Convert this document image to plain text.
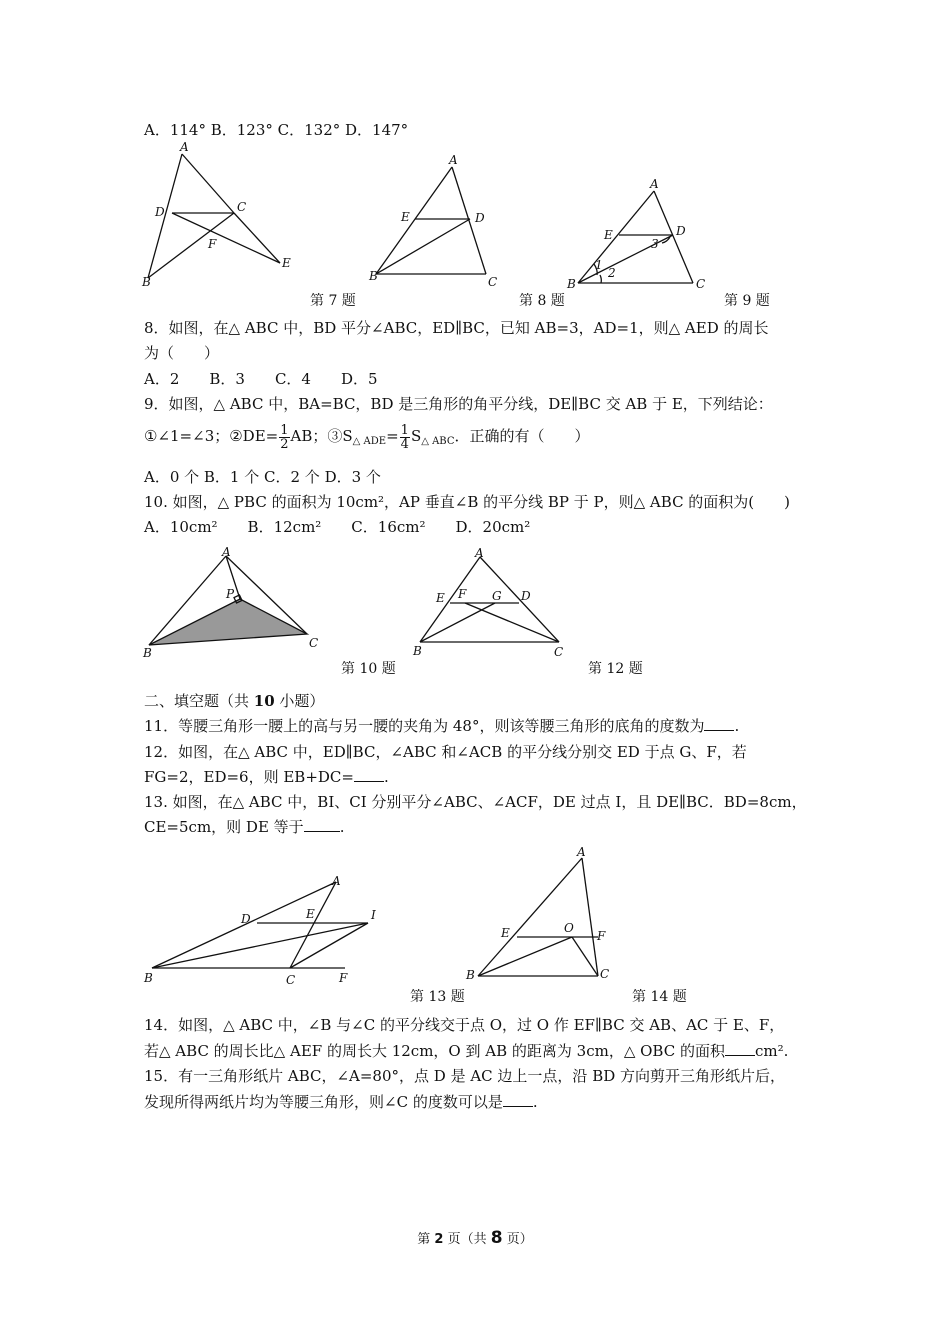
A．114° B．123° C．132° D．147°
A
D	C
F
E
B
A
E	D
B	C
A
E	D
3
1
2
B	C
第 7 题	第 8 题	第 9 题
8．如图，在△ ABC 中，BD 平分∠ABC，ED∥BC，已知 AB=3，AD=1，则△ AED 的周长
为（　　）
A．2　　B．3　　C．4　　D．5
9．如图，△ ABC 中，BA=BC，BD 是三角形的角平分线，DE∥BC 交 AB 于 E，下列结论：
①∠1=∠3；②DE= $\frac{1}{2}$ AB；$③S_{\triangle ADE}= \frac{1}{4} S_{\triangle ABC}$．正确的有（　　）
A．0 个 B．1 个 C．2 个 D．3 个
10. 如图，△ PBC 的面积为 10cm²，AP 垂直∠B 的平分线 BP 于 P，则△ ABC 的面积为(　　)
A．10cm²　　B．12cm²　　C．16cm²　　D．20cm²
A
P
B
C
A
E F G D
B	C
第 10 题	第 12 题
二、填空题（共 10 小题）
11．等腰三角形一腰上的高与另一腰的夹角为 48°，则该等腰三角形的底角的度数为 .
12．如图，在△ ABC 中，ED∥BC，∠ABC 和∠ACB 的平分线分别交 ED 于点 G、F，若
FG=2，ED=6，则 EB+DC= .
13. 如图，在△ ABC 中，BI、CI 分别平分∠ABC、∠ACF，DE 过点 I，且 DE∥BC．BD=8cm，
CE=5cm，则 DE 等于 .
A
D	E	I
B	C	F
A
E	O
F
B	C
第 13 题	第 14 题
14．如图，△ ABC 中，∠B 与∠C 的平分线交于点 O，过 O 作 EF∥BC 交 AB、AC 于 E、F，
若△ ABC 的周长比△ AEF 的周长大 12cm，O 到 AB 的距离为 3cm，△ OBC 的面积 cm².
15．有一三角形纸片 ABC，∠A=80°，点 D 是 AC 边上一点，沿 BD 方向剪开三角形纸片后，
发现所得两纸片均为等腰三角形，则∠C 的度数可以是 .
第 2 页（共 8 页）
